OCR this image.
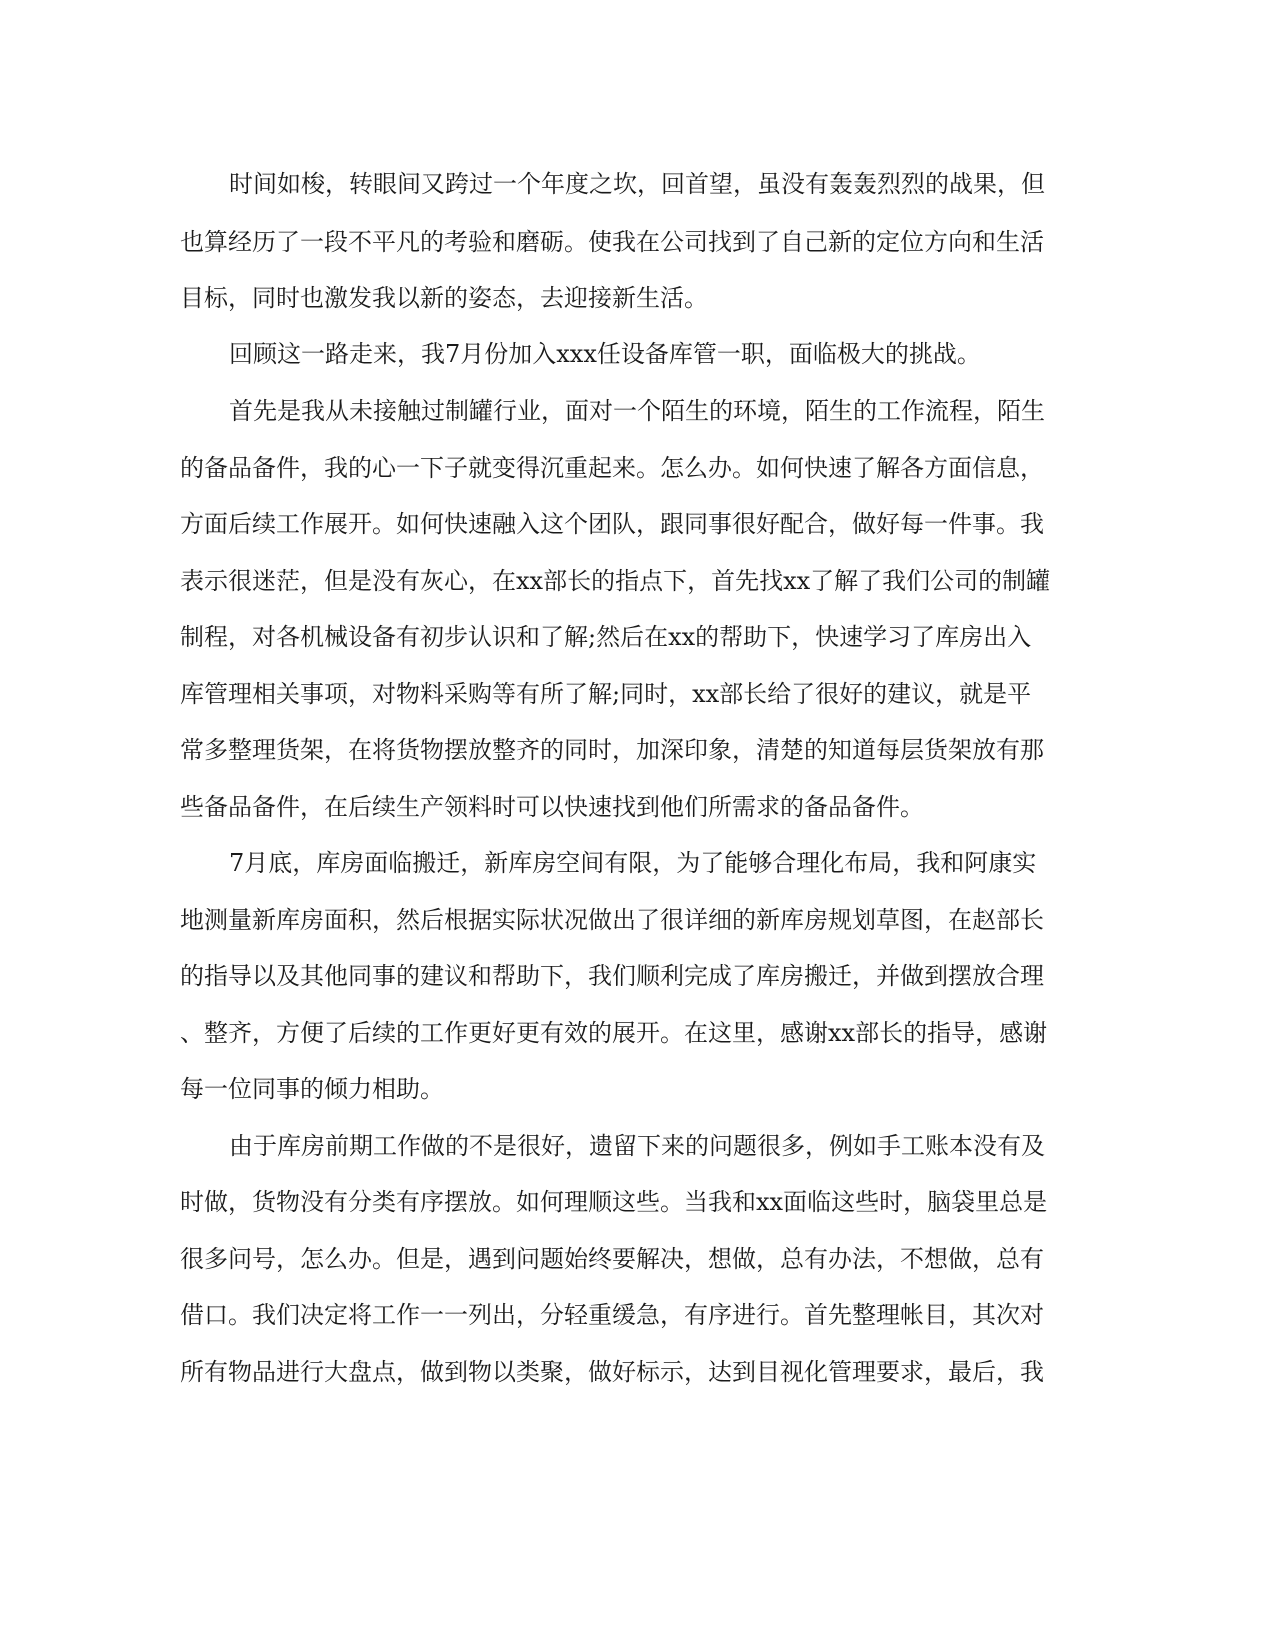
时间如梭，转眼间又跨过一个年度之坎，回首望，虽没有轰轰烈烈的战果，但
也算经历了一段不平凡的考验和磨砺。使我在公司找到了自己新的定位方向和生活
目标，同时也激发我以新的姿态，去迎接新生活。
回顾这一路走来，我7月份加入xxx任设备库管一职，面临极大的挑战。
首先是我从未接触过制罐行业，面对一个陌生的环境，陌生的工作流程，陌生
的备品备件，我的心一下子就变得沉重起来。怎么办。如何快速了解各方面信息，
方面后续工作展开。如何快速融入这个团队，跟同事很好配合，做好每一件事。我
表示很迷茫，但是没有灰心，在xx部长的指点下，首先找xx了解了我们公司的制罐
制程，对各机械设备有初步认识和了解;然后在xx的帮助下，快速学习了库房出入
库管理相关事项，对物料采购等有所了解;同时，xx部长给了很好的建议，就是平
常多整理货架，在将货物摆放整齐的同时，加深印象，清楚的知道每层货架放有那
些备品备件，在后续生产领料时可以快速找到他们所需求的备品备件。
7月底，库房面临搬迁，新库房空间有限，为了能够合理化布局，我和阿康实
地测量新库房面积，然后根据实际状况做出了很详细的新库房规划草图，在赵部长
的指导以及其他同事的建议和帮助下，我们顺利完成了库房搬迁，并做到摆放合理
、整齐，方便了后续的工作更好更有效的展开。在这里，感谢xx部长的指导，感谢
每一位同事的倾力相助。
由于库房前期工作做的不是很好，遗留下来的问题很多，例如手工账本没有及
时做，货物没有分类有序摆放。如何理顺这些。当我和xx面临这些时，脑袋里总是
很多问号，怎么办。但是，遇到问题始终要解决，想做，总有办法，不想做，总有
借口。我们决定将工作一一列出，分轻重缓急，有序进行。首先整理帐目，其次对
所有物品进行大盘点，做到物以类聚，做好标示，达到目视化管理要求，最后，我
